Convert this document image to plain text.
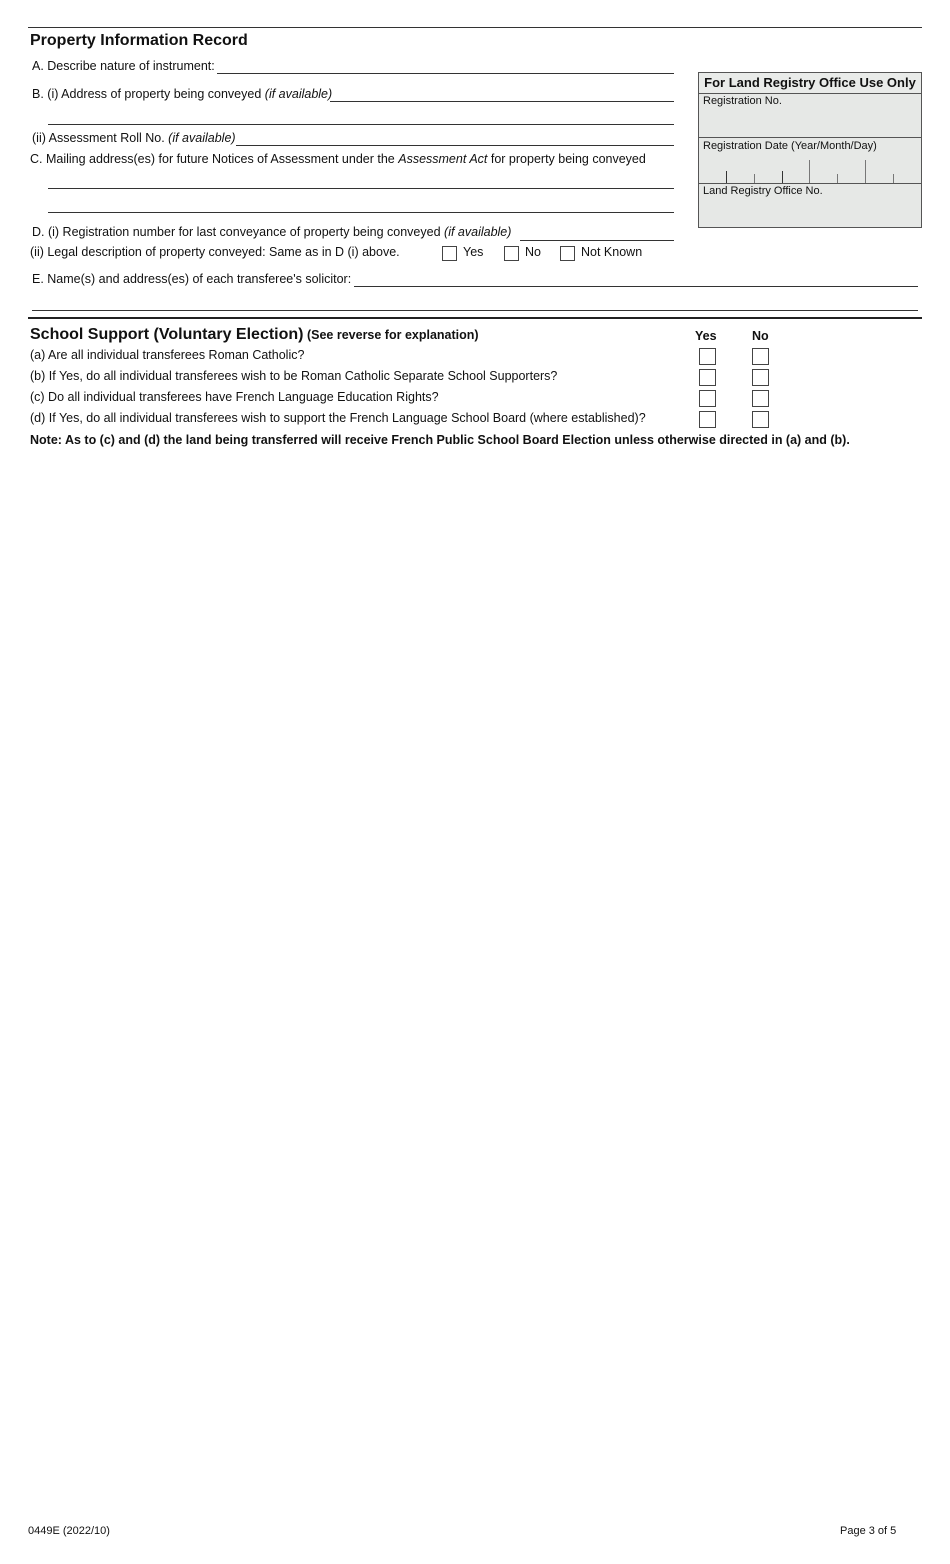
Property Information Record
A. Describe nature of instrument:
B. (i) Address of property being conveyed (if available)
(ii) Assessment Roll No. (if available)
C. Mailing address(es) for future Notices of Assessment under the Assessment Act for property being conveyed
D. (i) Registration number for last conveyance of property being conveyed (if available)
(ii) Legal description of property conveyed: Same as in D (i) above.	Yes	No	Not Known
E. Name(s) and address(es) of each transferee's solicitor:
For Land Registry Office Use Only
Registration No.
Registration Date (Year/Month/Day)
Land Registry Office No.
School Support (Voluntary Election) (See reverse for explanation)	Yes	No
(a) Are all individual transferees Roman Catholic?
(b) If Yes, do all individual transferees wish to be Roman Catholic Separate School Supporters?
(c) Do all individual transferees have French Language Education Rights?
(d) If Yes, do all individual transferees wish to support the French Language School Board (where established)?
Note: As to (c) and (d) the land being transferred will receive French Public School Board Election unless otherwise directed in (a) and (b).
0449E (2022/10)	Page 3 of 5
